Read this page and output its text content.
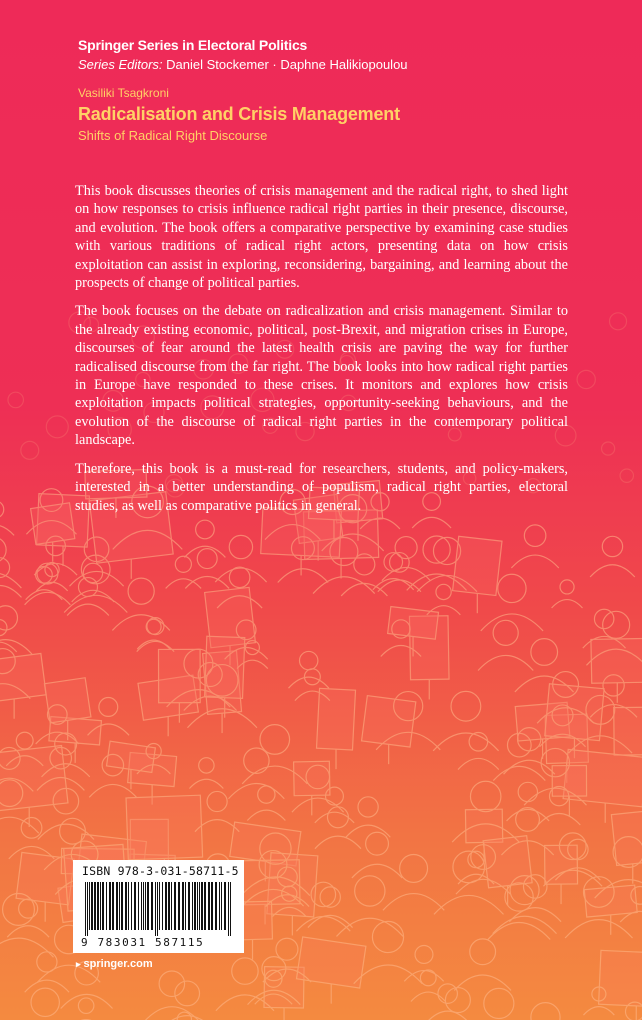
Springer Series in Electoral Politics
Series Editors: Daniel Stockemer · Daphne Halikiopoulou
Vasiliki Tsagkroni
Radicalisation and Crisis Management
Shifts of Radical Right Discourse

This book discusses theories of crisis management and the radical right, to shed light on how responses to crisis influence radical right parties in their presence, discourse, and evolution. The book offers a comparative perspective by examining case studies with various traditions of radical right actors, presenting data on how crisis exploitation can assist in exploring, reconsidering, bargaining, and learning about the prospects of change of political parties.

The book focuses on the debate on radicalization and crisis management. Similar to the already existing economic, political, post-Brexit, and migration crises in Europe, discourses of fear around the latest health crisis are paving the way for further radicalised discourse from the far right. The book looks into how radical right parties in Europe have responded to these crises. It monitors and explores how crisis exploitation impacts political strategies, opportunity-seeking behaviours, and the evolution of the discourse of radical right parties in the contemporary political landscape.

Therefore, this book is a must-read for researchers, students, and policy-makers, interested in a better understanding of populism, radical right parties, electoral studies, as well as comparative politics in general.

ISBN 978-3-031-58711-5
9 783031 587115
▸ springer.com
